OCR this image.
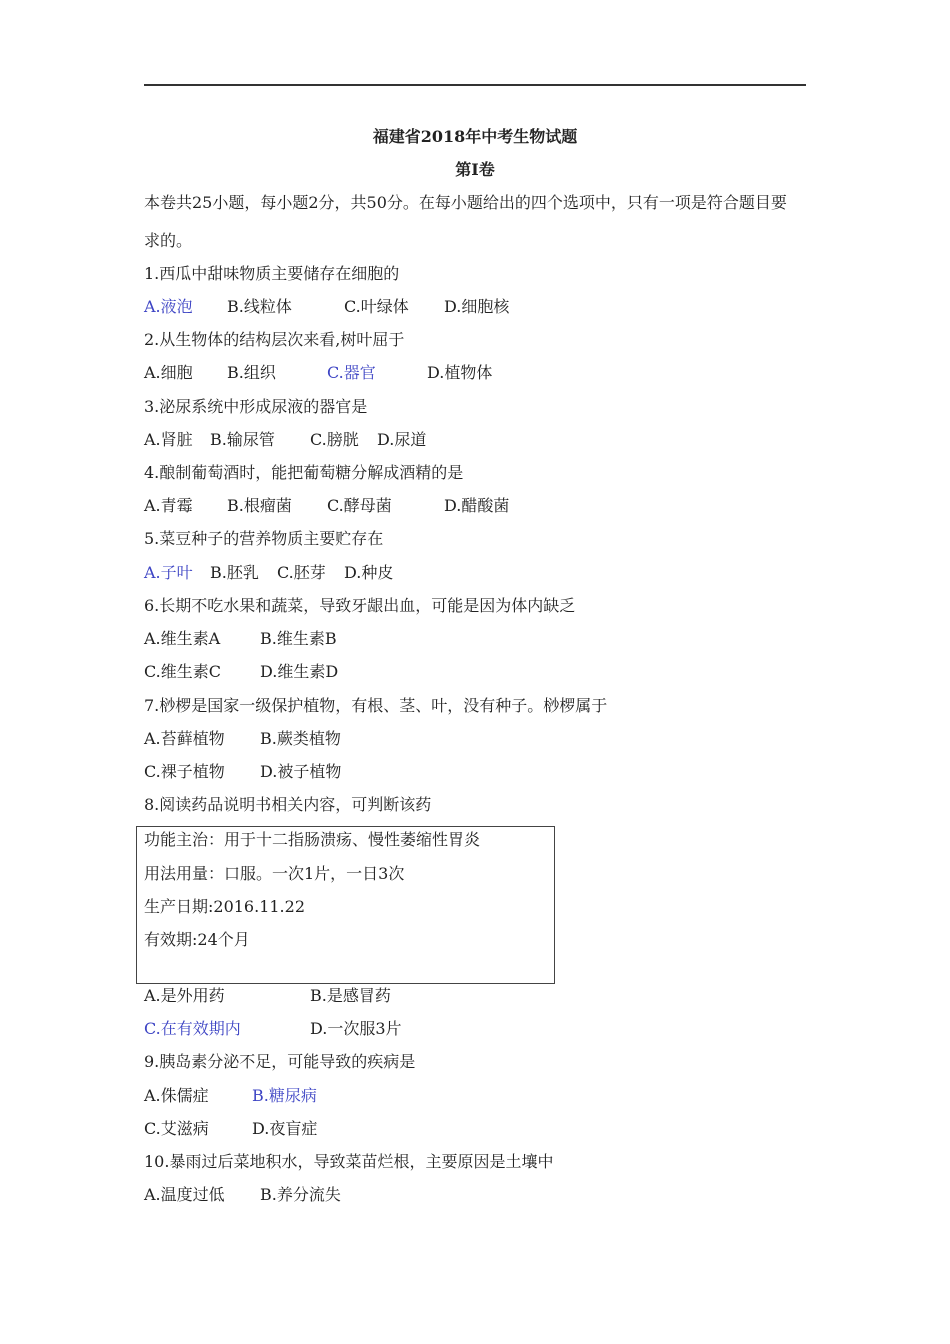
福建省2018年中考生物试题
第Ⅰ卷
本卷共25小题，每小题2分，共50分。在每小题给出的四个选项中，只有一项是符合题目要
求的。
1.西瓜中甜味物质主要储存在细胞的
A.液泡 B.线粒体	C.叶绿体 D.细胞核
2.从生物体的结构层次来看,树叶屈于
A.细胞 B.组织	C.器官	D.植物体
3.泌尿系统中形成尿液的器官是
A.肾脏 B.输尿管 C.膀胱 D.尿道
4.酿制葡萄酒时，能把葡萄糖分解成酒精的是
A.青霉 B.根瘤菌 C.酵母菌	D.醋酸菌
5.菜豆种子的营养物质主要贮存在
A.子叶 B.胚乳 C.胚芽 D.种皮
6.长期不吃水果和蔬菜，导致牙龈出血，可能是因为体内缺乏
A.维生素A B.维生素B
C.维生素C D.维生素D
7.桫椤是国家一级保护植物，有根、茎、叶，没有种子。桫椤属于
A.苔藓植物 B.蕨类植物
C.裸子植物 D.被子植物
8.阅读药品说明书相关内容，可判断该药
功能主治：用于十二指肠溃疡、慢性萎缩性胃炎
用法用量：口服。一次1片，一日3次
生产日期:2016.11.22
有效期:24个月
A.是外用药	B.是感冒药
C.在有效期内	D.一次服3片
9.胰岛素分泌不足，可能导致的疾病是
A.侏儒症	B.糖尿病
C.艾滋病	D.夜盲症
10.暴雨过后菜地积水，导致菜苗烂根，主要原因是土壤中
A.温度过低 B.养分流失
